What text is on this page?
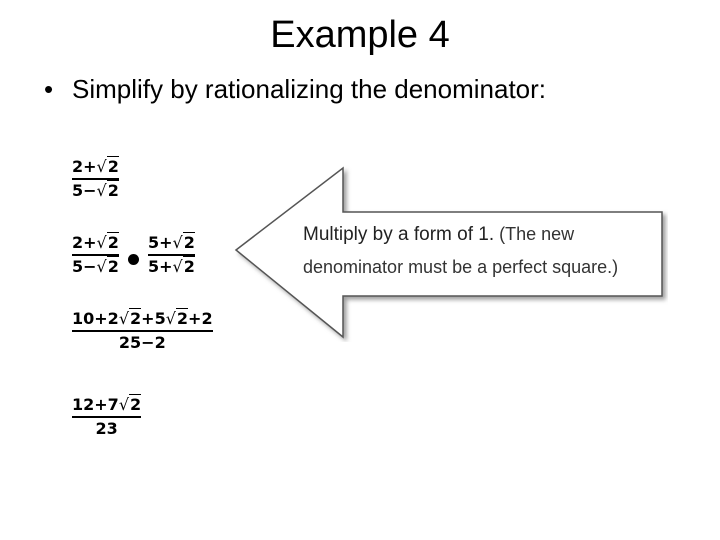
Example 4
• Simplify by rationalizing the denominator:
2+√2
5−√2
2+√2
5−√2
5+√2
5+√2
10+2√2+5√2+2
25−2
12+7√2
23
Multiply by a form of 1. (The new
denominator must be a perfect square.)
